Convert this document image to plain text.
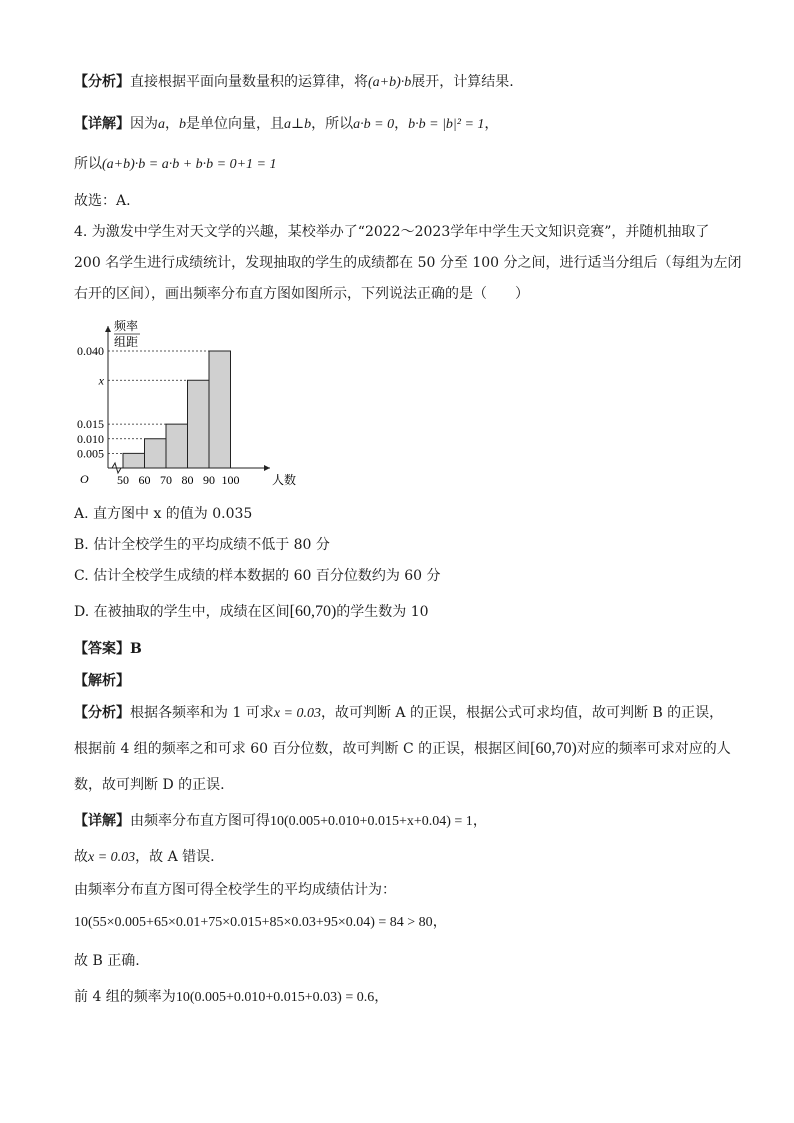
【分析】直接根据平面向量数量积的运算律，将(a+b)·b展开，计算结果.
【详解】因为a，b是单位向量，且a⊥b，所以a·b = 0，b·b = |b|² = 1，
所以(a+b)·b = a·b + b·b = 0+1 = 1
故选：A.
4. 为激发中学生对天文学的兴趣，某校举办了“2022～2023学年中学生天文知识竞赛”，并随机抽取了
200 名学生进行成绩统计，发现抽取的学生的成绩都在 50 分至 100 分之间，进行适当分组后（每组为左闭
右开的区间），画出频率分布直方图如图所示，下列说法正确的是（　　）
频率
组距
人数
O
0.005
0.010
0.015
x
0.040
50 60 70 80 90 100
A. 直方图中 x 的值为 0.035
B. 估计全校学生的平均成绩不低于 80 分
C. 估计全校学生成绩的样本数据的 60 百分位数约为 60 分
D. 在被抽取的学生中，成绩在区间[60,70)的学生数为 10
【答案】B
【解析】
【分析】根据各频率和为 1 可求x = 0.03，故可判断 A 的正误，根据公式可求均值，故可判断 B 的正误，
根据前 4 组的频率之和可求 60 百分位数，故可判断 C 的正误，根据区间[60,70)对应的频率可求对应的人
数，故可判断 D 的正误.
【详解】由频率分布直方图可得10(0.005+0.010+0.015+x+0.04) = 1，
故x = 0.03，故 A 错误.
由频率分布直方图可得全校学生的平均成绩估计为：
10(55×0.005+65×0.01+75×0.015+85×0.03+95×0.04) = 84 > 80，
故 B 正确.
前 4 组的频率为10(0.005+0.010+0.015+0.03) = 0.6，
